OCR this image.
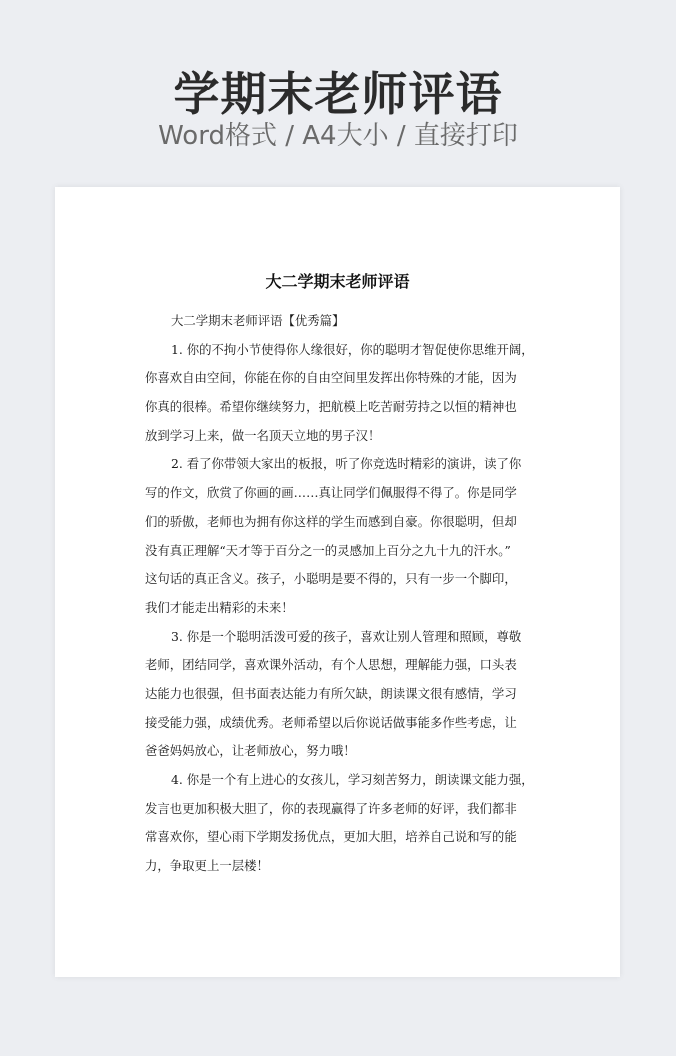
学期末老师评语
Word格式 / A4大小 / 直接打印
大二学期末老师评语
大二学期末老师评语【优秀篇】
1. 你的不拘小节使得你人缘很好，你的聪明才智促使你思维开阔，
你喜欢自由空间，你能在你的自由空间里发挥出你特殊的才能，因为
你真的很棒。希望你继续努力，把航模上吃苦耐劳持之以恒的精神也
放到学习上来，做一名顶天立地的男子汉！
2. 看了你带领大家出的板报，听了你竞选时精彩的演讲，读了你
写的作文，欣赏了你画的画……真让同学们佩服得不得了。你是同学
们的骄傲，老师也为拥有你这样的学生而感到自豪。你很聪明，但却
没有真正理解“天才等于百分之一的灵感加上百分之九十九的汗水。”
这句话的真正含义。孩子，小聪明是要不得的，只有一步一个脚印，
我们才能走出精彩的未来！
3. 你是一个聪明活泼可爱的孩子，喜欢让别人管理和照顾，尊敬
老师，团结同学，喜欢课外活动，有个人思想，理解能力强，口头表
达能力也很强，但书面表达能力有所欠缺，朗读课文很有感情，学习
接受能力强，成绩优秀。老师希望以后你说话做事能多作些考虑，让
爸爸妈妈放心，让老师放心，努力哦！
4. 你是一个有上进心的女孩儿，学习刻苦努力，朗读课文能力强，
发言也更加积极大胆了，你的表现赢得了许多老师的好评，我们都非
常喜欢你，望心雨下学期发扬优点，更加大胆，培养自己说和写的能
力，争取更上一层楼！
